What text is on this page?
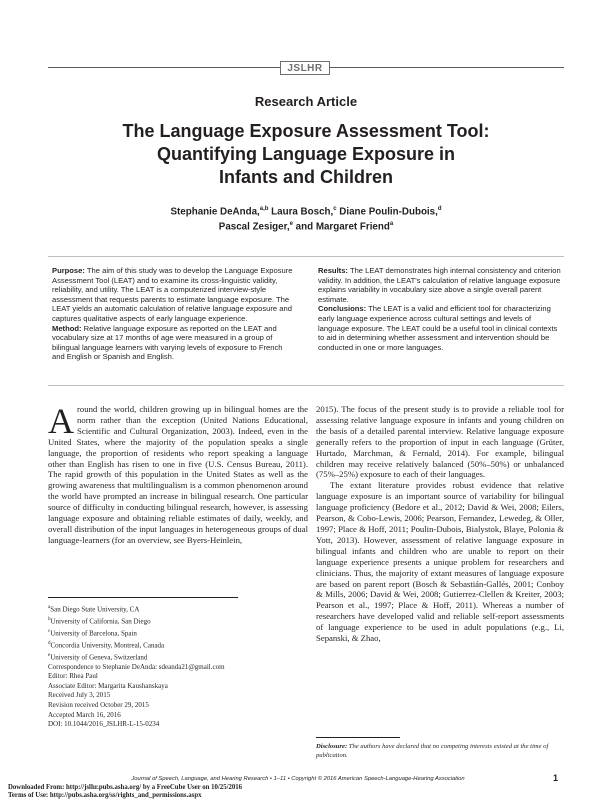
JSLHR
Research Article
The Language Exposure Assessment Tool:
Quantifying Language Exposure in
Infants and Children
Stephanie DeAnda,$^{a,b}$ Laura Bosch,$^c$ Diane Poulin-Dubois,$^d$
Pascal Zesiger,$^e$ and Margaret Friend$^a$

Purpose: The aim of this study was to develop the Language Exposure Assessment Tool (LEAT) and to examine its cross-linguistic validity, reliability, and utility. The LEAT is a computerized interview-style assessment that requests parents to estimate language exposure. The LEAT yields an automatic calculation of relative language exposure and captures qualitative aspects of early language experience.

Method: Relative language exposure as reported on the LEAT and vocabulary size at 17 months of age were measured in a group of bilingual language learners with varying levels of exposure to French and English or Spanish and English.

Results: The LEAT demonstrates high internal consistency and criterion validity. In addition, the LEAT's calculation of relative language exposure explains variability in vocabulary size above a single overall parent estimate.

Conclusions: The LEAT is a valid and efficient tool for characterizing early language experience across cultural settings and levels of language exposure. The LEAT could be a useful tool in clinical contexts to aid in determining whether assessment and intervention should be conducted in one or more languages.

Around the world, children growing up in bilingual homes are the norm rather than the exception (United Nations Educational, Scientific and Cultural Organization, 2003). Indeed, even in the United States, where the majority of the population speaks a single language, the proportion of residents who report speaking a language other than English has risen to one in five (U.S. Census Bureau, 2011). The rapid growth of this population in the United States as well as the growing awareness that multilingualism is a common phenomenon around the world have prompted an increase in bilingual research. One particular source of difficulty in conducting bilingual research, however, is assessing language exposure and obtaining reliable estimates of daily, weekly, and overall distribution of the input languages in heterogeneous groups of dual language-learners (for an overview, see Byers-Heinlein,
2015). The focus of the present study is to provide a reliable tool for assessing relative language exposure in infants and young children on the basis of a detailed parental interview. Relative language exposure generally refers to the proportion of input in each language (Grüter, Hurtado, Marchman, & Fernald, 2014). For example, bilingual children may receive relatively balanced (50%–50%) or unbalanced (75%–25%) exposure to each of their languages.
The extant literature provides robust evidence that relative language exposure is an important source of variability for bilingual language proficiency (Bedore et al., 2012; David & Wei, 2008; Eilers, Pearson, & Cobo-Lewis, 2006; Pearson, Fernandez, Lewedeg, & Oller, 1997; Place & Hoff, 2011; Poulin-Dubois, Bialystok, Blaye, Polonia & Yott, 2013). However, assessment of relative language exposure in bilingual infants and children who are unable to report on their language experience presents a unique problem for researchers and clinicians. Thus, the majority of extant measures of language exposure are based on parent report (Bosch & Sebastián-Gallés, 2001; Conboy & Mills, 2006; David & Wei, 2008; Gutierrez-Clellen & Kreiter, 2003; Pearson et al., 1997; Place & Hoff, 2011). Whereas a number of researchers have developed valid and reliable self-report assessments of language experience to be used in adult populations (e.g., Li, Sepanski, & Zhao,
$^a$San Diego State University, CA
$^b$University of California, San Diego
$^c$University of Barcelona, Spain
$^d$Concordia University, Montreal, Canada
$^e$University of Geneva, Switzerland
Correspondence to Stephanie DeAnda: sdeanda21@gmail.com
Editor: Rhea Paul
Associate Editor: Margarita Kaushanskaya
Received July 3, 2015
Revision received October 29, 2015
Accepted March 16, 2016
DOI: 10.1044/2016_JSLHR-L-15-0234
Disclosure: The authors have declared that no competing interests existed at the time of publication.
Journal of Speech, Language, and Hearing Research • 1–11 • Copyright © 2016 American Speech-Language-Hearing Association	1
Downloaded From: http://jslhr.pubs.asha.org/ by a FreeCube User on 10/25/2016
Terms of Use: http://pubs.asha.org/ss/rights_and_permissions.aspx
